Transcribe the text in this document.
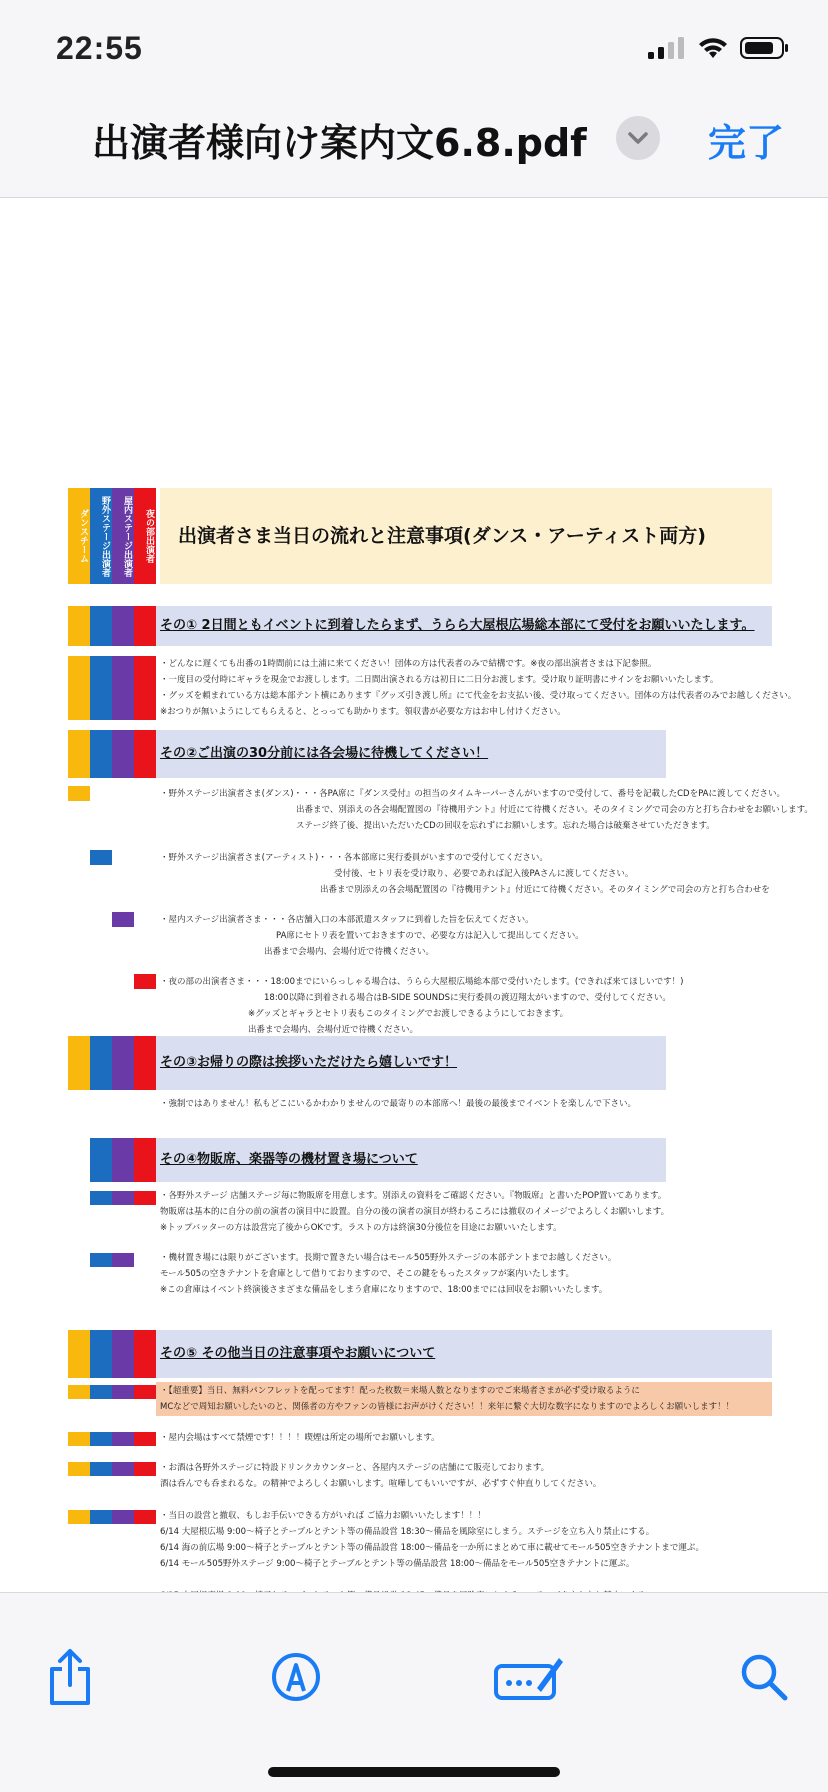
22:55
出演者様向け案内文6.8.pdf	完了
ダンスチーム	野外ステージ出演者	屋内ステージ出演者	夜の部出演者 出演者さま当日の流れと注意事項(ダンス・アーティスト両方)
その① 2日間ともイベントに到着したらまず、うらら大屋根広場総本部にて受付をお願いいたします。
・どんなに遅くても出番の1時間前には土浦に来てください！団体の方は代表者のみで結構です。※夜の部出演者さまは下記参照。
・一度目の受付時にギャラを現金でお渡しします。二日間出演される方は初日に二日分お渡します。受け取り証明書にサインをお願いいたします。
・グッズを頼まれている方は総本部テント横にあります『グッズ引き渡し所』にて代金をお支払い後、受け取ってください。団体の方は代表者のみでお越しください。
※おつりが無いようにしてもらえると、とっっても助かります。領収書が必要な方はお申し付けください。
その②ご出演の30分前には各会場に待機してください！
・野外ステージ出演者さま(ダンス)・・・各PA席に『ダンス受付』の担当のタイムキーパーさんがいますので受付して、番号を記載したCDをPAに渡してください。
出番まで、別添えの各会場配置図の『待機用テント』付近にて待機ください。そのタイミングで司会の方と打ち合わせをお願いします。
ステージ終了後、提出いただいたCDの回収を忘れずにお願いします。忘れた場合は破棄させていただきます。
・野外ステージ出演者さま(アーティスト)・・・各本部席に実行委員がいますので受付してください。
受付後、セトリ表を受け取り、必要であれば記入後PAさんに渡してください。
出番まで別添えの各会場配置図の『待機用テント』付近にて待機ください。そのタイミングで司会の方と打ち合わせを
・屋内ステージ出演者さま・・・各店舗入口の本部派遣スタッフに到着した旨を伝えてください。
PA席にセトリ表を置いておきますので、必要な方は記入して提出してください。
出番まで会場内、会場付近で待機ください。
・夜の部の出演者さま・・・18:00までにいらっしゃる場合は、うらら大屋根広場総本部で受付いたします。(できれば来てほしいです！)
18:00以降に到着される場合はB-SIDE SOUNDSに実行委員の渡辺翔太がいますので、受付してください。
※グッズとギャラとセトリ表もこのタイミングでお渡しできるようにしておきます。
出番まで会場内、会場付近で待機ください。
その③お帰りの際は挨拶いただけたら嬉しいです！
・強制ではありません！私もどこにいるかわかりませんので最寄りの本部席へ！最後の最後までイベントを楽しんで下さい。
その④物販席、楽器等の機材置き場について
・各野外ステージ 店舗ステージ毎に物販席を用意します。別添えの資料をご確認ください。『物販席』と書いたPOP置いてあります。
物販席は基本的に自分の前の演者の演目中に設置。自分の後の演者の演目が終わるころには撤収のイメージでよろしくお願いします。
※トップバッターの方は設営完了後からOKです。ラストの方は終演30分後位を目途にお願いいたします。
・機材置き場には限りがございます。長期で置きたい場合はモール505野外ステージの本部テントまでお越しください。
モール505の空きテナントを倉庫として借りておりますので、そこの鍵をもったスタッフが案内いたします。
※この倉庫はイベント終演後さまざまな備品をしまう倉庫になりますので、18:00までには回収をお願いいたします。
その⑤ その他当日の注意事項やお願いについて
・【超重要】当日、無料パンフレットを配ってます！配った枚数＝来場人数となりますのでご来場者さまが必ず受け取るように
MCなどで周知お願いしたいのと、関係者の方やファンの皆様にお声がけください！！来年に繋ぐ大切な数字になりますのでよろしくお願いします！！
・屋内会場はすべて禁煙です！！！！喫煙は所定の場所でお願いします。
・お酒は各野外ステージに特設ドリンクカウンターと、各屋内ステージの店舗にて販売しております。
酒は呑んでも呑まれるな。の精神でよろしくお願いします。喧嘩してもいいですが、必ずすぐ仲直りしてください。
・当日の設営と撤収、もしお手伝いできる方がいれば ご協力お願いいたします！！！
6/14 大屋根広場 9:00～椅子とテーブルとテント等の備品設営 18:30～備品を風除室にしまう。ステージを立ち入り禁止にする。
6/14 海の前広場 9:00～椅子とテーブルとテント等の備品設営 18:00～備品を一か所にまとめて車に載せてモール505空きテナントまで運ぶ。
6/14 モール505野外ステージ 9:00～椅子とテーブルとテント等の備品設営 18:00～備品をモール505空きテナントに運ぶ。
